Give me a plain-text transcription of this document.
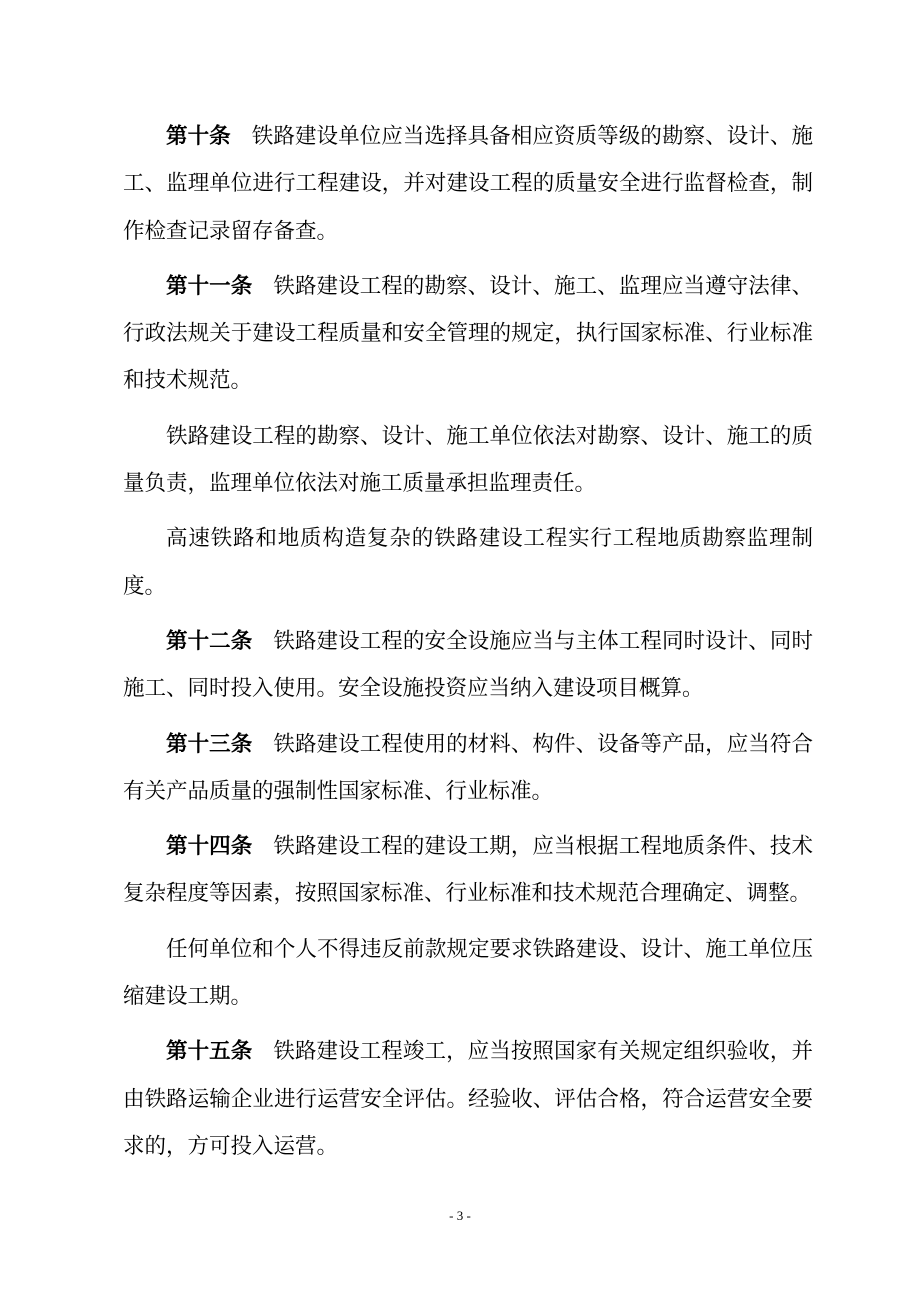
第十条 铁路建设单位应当选择具备相应资质等级的勘察、设计、施工、监理单位进行工程建设，并对建设工程的质量安全进行监督检查，制作检查记录留存备查。

第十一条 铁路建设工程的勘察、设计、施工、监理应当遵守法律、行政法规关于建设工程质量和安全管理的规定，执行国家标准、行业标准和技术规范。

铁路建设工程的勘察、设计、施工单位依法对勘察、设计、施工的质量负责，监理单位依法对施工质量承担监理责任。

高速铁路和地质构造复杂的铁路建设工程实行工程地质勘察监理制度。

第十二条 铁路建设工程的安全设施应当与主体工程同时设计、同时施工、同时投入使用。安全设施投资应当纳入建设项目概算。

第十三条 铁路建设工程使用的材料、构件、设备等产品，应当符合有关产品质量的强制性国家标准、行业标准。

第十四条 铁路建设工程的建设工期，应当根据工程地质条件、技术复杂程度等因素，按照国家标准、行业标准和技术规范合理确定、调整。

任何单位和个人不得违反前款规定要求铁路建设、设计、施工单位压缩建设工期。

第十五条 铁路建设工程竣工，应当按照国家有关规定组织验收，并由铁路运输企业进行运营安全评估。经验收、评估合格，符合运营安全要求的，方可投入运营。

- 3 -
